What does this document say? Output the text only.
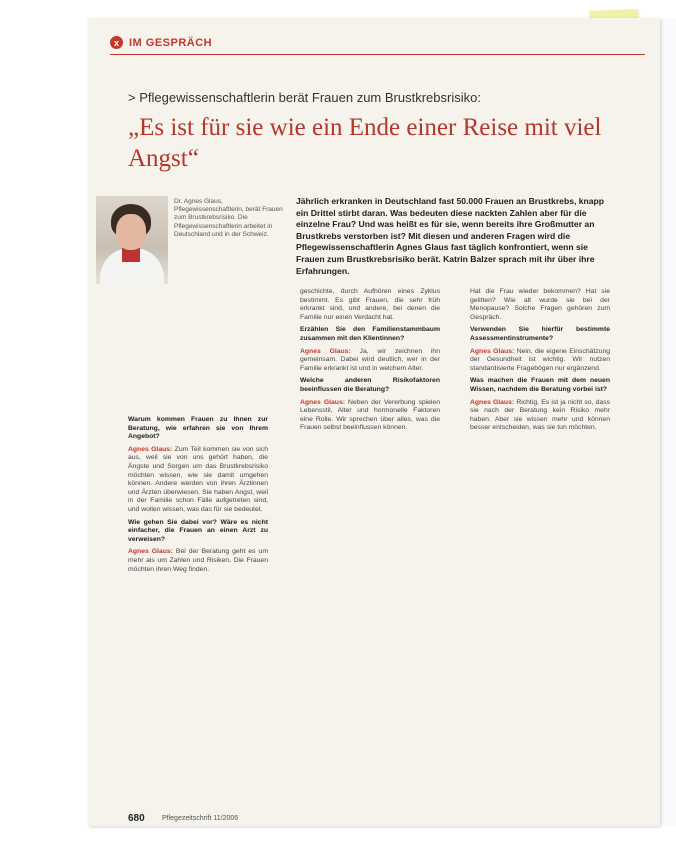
x IM GESPRÄCH
> Pflegewissenschaftlerin berät Frauen zum Brustkrebsrisiko:
„Es ist für sie wie ein Ende einer Reise mit viel Angst“
Dr. Agnes Glaus, Pflegewissenschaftlerin, berät Frauen zum Brustkrebsrisiko. Die Pflegewissenschaftlerin arbeitet in Deutschland und in der Schweiz.
Jährlich erkranken in Deutschland fast 50.000 Frauen an Brustkrebs, knapp ein Drittel stirbt daran. Was bedeuten diese nackten Zahlen aber für die einzelne Frau? Und was heißt es für sie, wenn bereits ihre Großmutter an Brustkrebs verstorben ist? Mit diesen und anderen Fragen wird die Pflegewissenschaftlerin Agnes Glaus fast täglich konfrontiert, wenn sie Frauen zum Brustkrebsrisiko berät. Katrin Balzer sprach mit ihr über ihre Erfahrungen.

Warum kommen Frauen zu Ihnen zur Beratung, wie erfahren sie von Ihrem Angebot?

Agnes Glaus: Zum Teil kommen sie von sich aus, weil sie von uns gehört haben, die Ängste und Sorgen um das Brustkrebsrisiko möchten wissen, wie sie damit umgehen können. Andere werden von ihren Ärztinnen und Ärzten überwiesen. Sie haben Angst, weil in der Familie schon Fälle aufgetreten sind, und wollen wissen, was das für sie bedeutet.

Wie gehen Sie dabei vor? Wäre es nicht einfacher, die Frauen an einen Arzt zu verweisen?

Agnes Glaus: Bei der Beratung geht es um mehr als um Zahlen und Risiken. Die Frauen möchten ihren Weg finden.

geschichte, durch Aufhören eines Zyklus bestimmt. Es gibt Frauen, die sehr früh erkrankt sind, und andere, bei denen die Familie nur einen Verdacht hat.

Erzählen Sie den Familienstammbaum zusammen mit den Klientinnen?

Agnes Glaus: Ja, wir zeichnen ihn gemeinsam. Dabei wird deutlich, wer in der Familie erkrankt ist und in welchem Alter.

Welche anderen Risikofaktoren beeinflussen die Beratung?

Agnes Glaus: Neben der Vererbung spielen Lebensstil, Alter und hormonelle Faktoren eine Rolle. Wir sprechen über alles, was die Frauen selbst beeinflussen können.

Hat die Frau wieder bekommen? Hat sie gelitten? Wie alt wurde sie bei der Menopause? Solche Fragen gehören zum Gespräch.

Verwenden Sie hierfür bestimmte Assessmentinstrumente?

Agnes Glaus: Nein, die eigene Einschätzung der Gesundheit ist wichtig. Wir nutzen standardisierte Fragebögen nur ergänzend.

Was machen die Frauen mit dem neuen Wissen, nachdem die Beratung vorbei ist?

Agnes Glaus: Richtig. Es ist ja nicht so, dass sie nach der Beratung kein Risiko mehr haben. Aber sie wissen mehr und können besser entscheiden, was sie tun möchten.

680 Pflegezeitschrift 11/2006
